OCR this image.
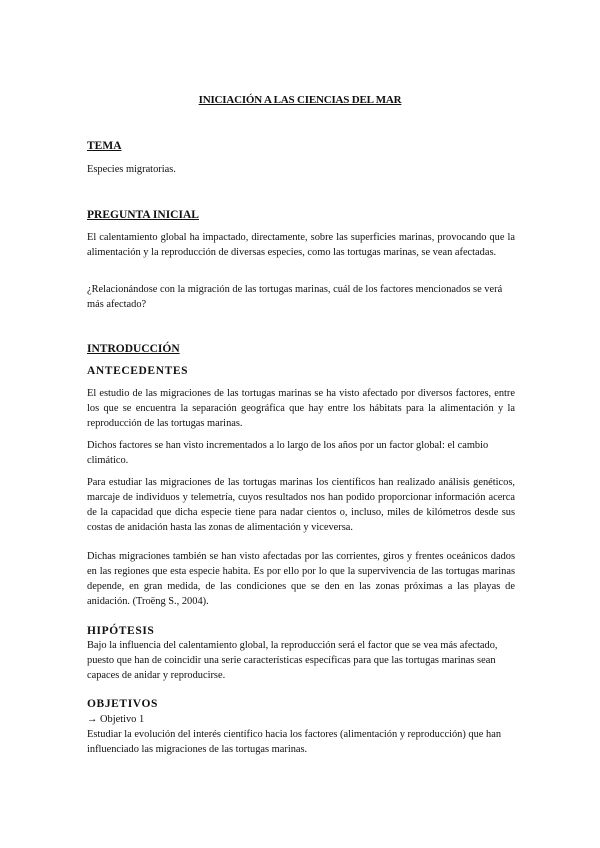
INICIACIÓN A LAS CIENCIAS DEL MAR
TEMA

Especies migratorias.

PREGUNTA INICIAL

El calentamiento global ha impactado, directamente, sobre las superficies marinas, provocando que la alimentación y la reproducción de diversas especies, como las tortugas marinas, se vean afectadas.

¿Relacionándose con la migración de las tortugas marinas, cuál de los factores mencionados se verá más afectado?

INTRODUCCIÓN
ANTECEDENTES

El estudio de las migraciones de las tortugas marinas se ha visto afectado por diversos factores, entre los que se encuentra la separación geográfica que hay entre los hábitats para la alimentación y la reproducción de las tortugas marinas.

Dichos factores se han visto incrementados a lo largo de los años por un factor global: el cambio climático.

Para estudiar las migraciones de las tortugas marinas los científicos han realizado análisis genéticos, marcaje de individuos y telemetría, cuyos resultados nos han podido proporcionar información acerca de la capacidad que dicha especie tiene para nadar cientos o, incluso, miles de kilómetros desde sus costas de anidación hasta las zonas de alimentación y viceversa.

Dichas migraciones también se han visto afectadas por las corrientes, giros y frentes oceánicos dados en las regiones que esta especie habita. Es por ello por lo que la supervivencia de las tortugas marinas depende, en gran medida, de las condiciones que se den en las zonas próximas a las playas de anidación. (Troëng S., 2004).

HIPÓTESIS

Bajo la influencia del calentamiento global, la reproducción será el factor que se vea más afectado, puesto que han de coincidir una serie características específicas para que las tortugas marinas sean capaces de anidar y reproducirse.

OBJETIVOS
→ Objetivo 1

Estudiar la evolución del interés científico hacia los factores (alimentación y reproducción) que han influenciado las migraciones de las tortugas marinas.
